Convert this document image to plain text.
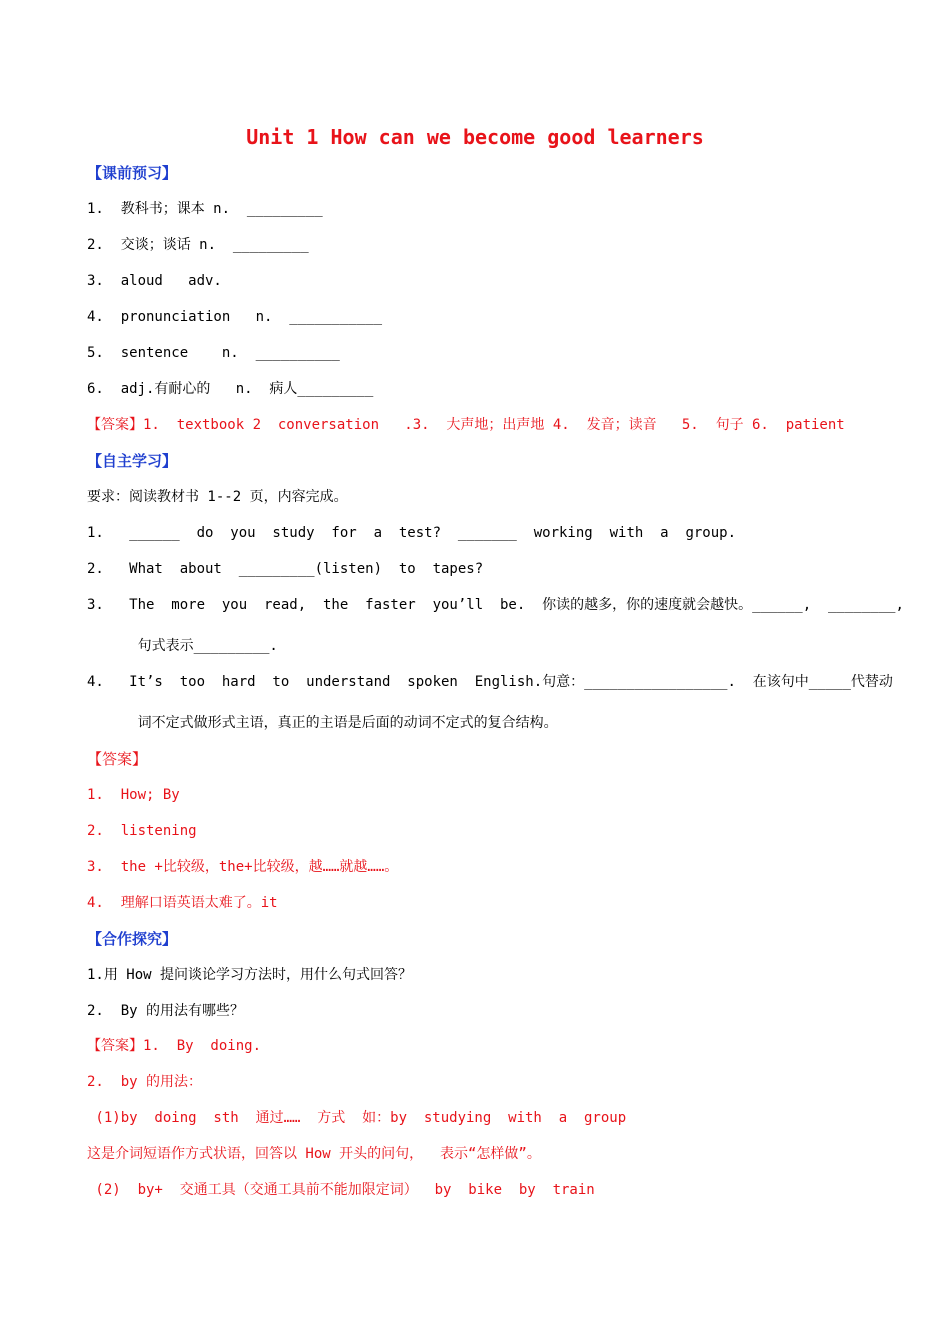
Unit 1 How can we become good learners
【课前预习】
1.  教科书；课本 n.  _________
2.  交谈；谈话 n.  _________
3.  aloud   adv.
4.  pronunciation   n.  ___________
5.  sentence    n.  __________
6.  adj.有耐心的   n.  病人_________
【答案】1.  textbook 2  conversation   .3.  大声地；出声地 4.  发音；读音   5.  句子 6.  patient
【自主学习】
要求：阅读教材书 1--2 页，内容完成。
1.   ______  do  you  study  for  a  test?  _______  working  with  a  group.
2.   What  about  _________(listen)  to  tapes?
3.   The  more  you  read,  the  faster  you’ll  be.  你读的越多，你的速度就会越快。______,  ________,
句式表示_________.
4.   It’s  too  hard  to  understand  spoken  English.句意：_________________.  在该句中_____代替动
词不定式做形式主语，真正的主语是后面的动词不定式的复合结构。
【答案】
1.  How; By
2.  listening
3.  the +比较级，the+比较级，越……就越……。
4.  理解口语英语太难了。it
【合作探究】
1.用 How 提问谈论学习方法时，用什么句式回答？
2.  By 的用法有哪些？
【答案】1.  By  doing.
2.  by 的用法：
(1)by  doing  sth  通过……  方式  如：by  studying  with  a  group
这是介词短语作方式状语，回答以 How 开头的问句，  表示“怎样做”。
(2)  by+  交通工具（交通工具前不能加限定词）  by  bike  by  train
